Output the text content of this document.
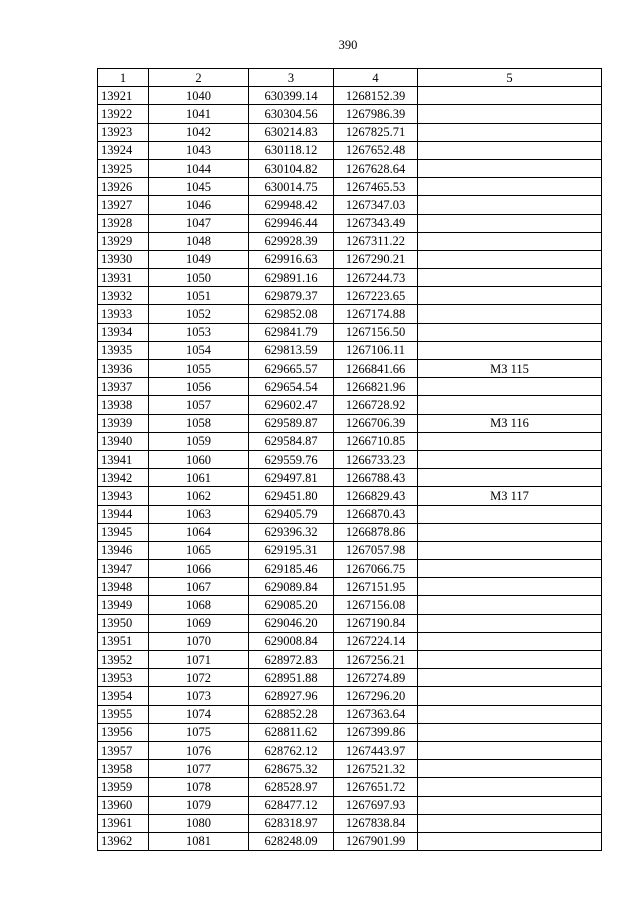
390
1	2	3	4	5
13921	1040	630399.14	1268152.39	
13922	1041	630304.56	1267986.39	
13923	1042	630214.83	1267825.71	
13924	1043	630118.12	1267652.48	
13925	1044	630104.82	1267628.64	
13926	1045	630014.75	1267465.53	
13927	1046	629948.42	1267347.03	
13928	1047	629946.44	1267343.49	
13929	1048	629928.39	1267311.22	
13930	1049	629916.63	1267290.21	
13931	1050	629891.16	1267244.73	
13932	1051	629879.37	1267223.65	
13933	1052	629852.08	1267174.88	
13934	1053	629841.79	1267156.50	
13935	1054	629813.59	1267106.11	
13936	1055	629665.57	1266841.66	МЗ 115
13937	1056	629654.54	1266821.96	
13938	1057	629602.47	1266728.92	
13939	1058	629589.87	1266706.39	МЗ 116
13940	1059	629584.87	1266710.85	
13941	1060	629559.76	1266733.23	
13942	1061	629497.81	1266788.43	
13943	1062	629451.80	1266829.43	МЗ 117
13944	1063	629405.79	1266870.43	
13945	1064	629396.32	1266878.86	
13946	1065	629195.31	1267057.98	
13947	1066	629185.46	1267066.75	
13948	1067	629089.84	1267151.95	
13949	1068	629085.20	1267156.08	
13950	1069	629046.20	1267190.84	
13951	1070	629008.84	1267224.14	
13952	1071	628972.83	1267256.21	
13953	1072	628951.88	1267274.89	
13954	1073	628927.96	1267296.20	
13955	1074	628852.28	1267363.64	
13956	1075	628811.62	1267399.86	
13957	1076	628762.12	1267443.97	
13958	1077	628675.32	1267521.32	
13959	1078	628528.97	1267651.72	
13960	1079	628477.12	1267697.93	
13961	1080	628318.97	1267838.84	
13962	1081	628248.09	1267901.99	
